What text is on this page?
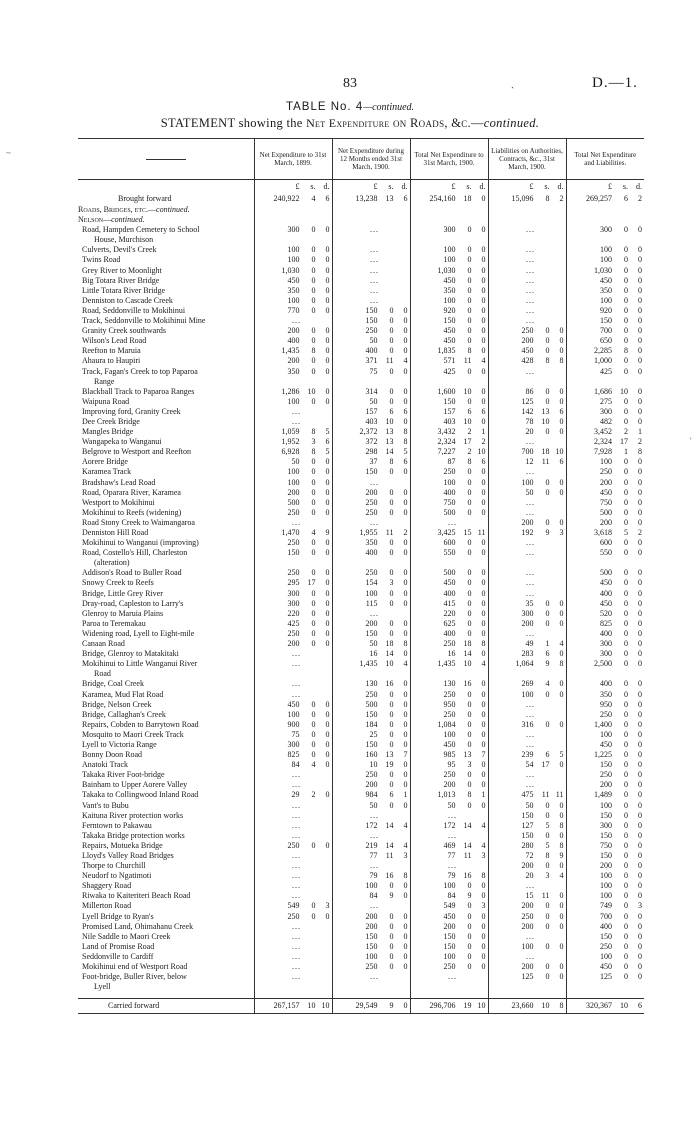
83	ˎ	D.—1.
~
'
TABLE No. 4—continued.
STATEMENT showing the Net Expenditure on Roads, &c.—continued.
	Net Expenditure to 31st March, 1899.	Net Expenditure during 12 Months ended 31st March, 1900.	Total Net Expenditure to 31st March, 1900.	Liabilities on Authorities, Contracts, &c., 31st March, 1900.	Total Net Expenditure and Liabilities.

	£ s. d.	£ s. d.	£ s. d.	£ s. d.	£ s. d.

Brought forward	240,922 4 6	13,238 13 6	254,160 18 0	15,096 8 2	269,257 6 2

Roads, Bridges, etc.—continued.					
Nelson—continued.					
Road, Hampden Cemetery to School	300 0 0	...	300 0 0	...	300 0 0

House, Murchison	

Culverts, Devil's Creek	100 0 0	...	100 0 0	...	100 0 0

Twins Road	100 0 0	...	100 0 0	...	100 0 0

Grey River to Moonlight	1,030 0 0	...	1,030 0 0	...	1,030 0 0

Big Totara River Bridge	450 0 0	...	450 0 0	...	450 0 0

Little Totara River Bridge	350 0 0	...	350 0 0	...	350 0 0

Denniston to Cascade Creek	100 0 0	...	100 0 0	...	100 0 0

Road, Seddonville to Mokihinui	770 0 0	150 0 0	920 0 0	...	920 0 0

Track, Seddonville to Mokihinui Mine	...	150 0 0	150 0 0	...	150 0 0

Granity Creek southwards	200 0 0	250 0 0	450 0 0	250 0 0	700 0 0

Wilson's Lead Road	400 0 0	50 0 0	450 0 0	200 0 0	650 0 0

Reefton to Maruia	1,435 8 0	400 0 0	1,835 8 0	450 0 0	2,285 8 0

Ahaura to Haupiri	200 0 0	371 11 4	571 11 4	428 8 8	1,000 0 0

Track, Fagan's Creek to top Paparoa	350 0 0	75 0 0	425 0 0	...	425 0 0

Range	

Blackball Track to Paparoa Ranges	1,286 10 0	314 0 0	1,600 10 0	86 0 0	1,686 10 0

Waipuna Road	100 0 0	50 0 0	150 0 0	125 0 0	275 0 0

Improving ford, Granity Creek	...	157 6 6	157 6 6	142 13 6	300 0 0

Dee Creek Bridge	...	403 10 0	403 10 0	78 10 0	482 0 0

Mangles Bridge	1,059 8 5	2,372 13 8	3,432 2 1	20 0 0	3,452 2 1

Wangapeka to Wanganui	1,952 3 6	372 13 8	2,324 17 2	...	2,324 17 2

Belgrove to Westport and Reefton	6,928 8 5	298 14 5	7,227 2 10	700 18 10	7,928 1 8

Aorere Bridge	50 0 0	37 8 6	87 8 6	12 11 6	100 0 0

Karamea Track	100 0 0	150 0 0	250 0 0	...	250 0 0

Bradshaw's Lead Road	100 0 0	...	100 0 0	100 0 0	200 0 0

Road, Oparara River, Karamea	200 0 0	200 0 0	400 0 0	50 0 0	450 0 0

Westport to Mokihinui	500 0 0	250 0 0	750 0 0	...	750 0 0

Mokihinui to Reefs (widening)	250 0 0	250 0 0	500 0 0	...	500 0 0

Road Stony Creek to Waimangaroa	...	...	...	200 0 0	200 0 0

Denniston Hill Road	1,470 4 9	1,955 11 2	3,425 15 11	192 9 3	3,618 5 2

Mokihinui to Wanganui (improving)	250 0 0	350 0 0	600 0 0	...	600 0 0

Road, Costello's Hill, Charleston	150 0 0	400 0 0	550 0 0	...	550 0 0

(alteration)	

Addison's Road to Buller Road	250 0 0	250 0 0	500 0 0	...	500 0 0

Snowy Creek to Reefs	295 17 0	154 3 0	450 0 0	...	450 0 0

Bridge, Little Grey River	300 0 0	100 0 0	400 0 0	...	400 0 0

Dray-road, Capleston to Larry's	300 0 0	115 0 0	415 0 0	35 0 0	450 0 0

Glenroy to Maruia Plains	220 0 0	...	220 0 0	300 0 0	520 0 0

Paroa to Teremakau	425 0 0	200 0 0	625 0 0	200 0 0	825 0 0

Widening road, Lyell to Eight-mile	250 0 0	150 0 0	400 0 0	...	400 0 0

Canaan Road	200 0 0	50 18 8	250 18 8	49 1 4	300 0 0

Bridge, Glenroy to Matakitaki	...	16 14 0	16 14 0	283 6 0	300 0 0

Mokihinui to Little Wanganui River	...	1,435 10 4	1,435 10 4	1,064 9 8	2,500 0 0

Road	

Bridge, Coal Creek	...	130 16 0	130 16 0	269 4 0	400 0 0

Karamea, Mud Flat Road	...	250 0 0	250 0 0	100 0 0	350 0 0

Bridge, Nelson Creek	450 0 0	500 0 0	950 0 0	...	950 0 0

Bridge, Callaghan's Creek	100 0 0	150 0 0	250 0 0	...	250 0 0

Repairs, Cobden to Barrytown Road	900 0 0	184 0 0	1,084 0 0	316 0 0	1,400 0 0

Mosquito to Maori Creek Track	75 0 0	25 0 0	100 0 0	...	100 0 0

Lyell to Victoria Range	300 0 0	150 0 0	450 0 0	...	450 0 0

Bonny Doon Road	825 0 0	160 13 7	985 13 7	239 6 5	1,225 0 0

Anatoki Track	84 4 0	10 19 0	95 3 0	54 17 0	150 0 0

Takaka River Foot-bridge	...	250 0 0	250 0 0	...	250 0 0

Bainham to Upper Aorere Valley	...	200 0 0	200 0 0	...	200 0 0

Takaka to Collingwood Inland Road	29 2 0	984 6 1	1,013 8 1	475 11 11	1,489 0 0

Vant's to Bubu	...	50 0 0	50 0 0	50 0 0	100 0 0

Kaituna River protection works	...	...	...	150 0 0	150 0 0

Ferntown to Pakawau	...	172 14 4	172 14 4	127 5 8	300 0 0

Takaka Bridge protection works	...	...	...	150 0 0	150 0 0

Repairs, Motueka Bridge	250 0 0	219 14 4	469 14 4	280 5 8	750 0 0

Lloyd's Valley Road Bridges	...	77 11 3	77 11 3	72 8 9	150 0 0

Thorpe to Churchill	...	...	...	200 0 0	200 0 0

Neudorf to Ngatimoti	...	79 16 8	79 16 8	20 3 4	100 0 0

Shaggery Road	...	100 0 0	100 0 0	...	100 0 0

Riwaka to Kaiteriteri Beach Road	...	84 9 0	84 9 0	15 11 0	100 0 0

Millerton Road	549 0 3	...	549 0 3	200 0 0	749 0 3

Lyell Bridge to Ryan's	250 0 0	200 0 0	450 0 0	250 0 0	700 0 0

Promised Land, Ohimahanu Creek	...	200 0 0	200 0 0	200 0 0	400 0 0

Nile Saddle to Maori Creek	...	150 0 0	150 0 0	...	150 0 0

Land of Promise Road	...	150 0 0	150 0 0	100 0 0	250 0 0

Seddonville to Cardiff	...	100 0 0	100 0 0	...	100 0 0

Mokihinui end of Westport Road	...	250 0 0	250 0 0	200 0 0	450 0 0

Foot-bridge, Buller River, below	...	...	...	125 0 0	125 0 0

Lyell	

Carried forward	267,157 10 10	29,549 9 0	296,706 19 10	23,660 10 8	320,367 10 6
